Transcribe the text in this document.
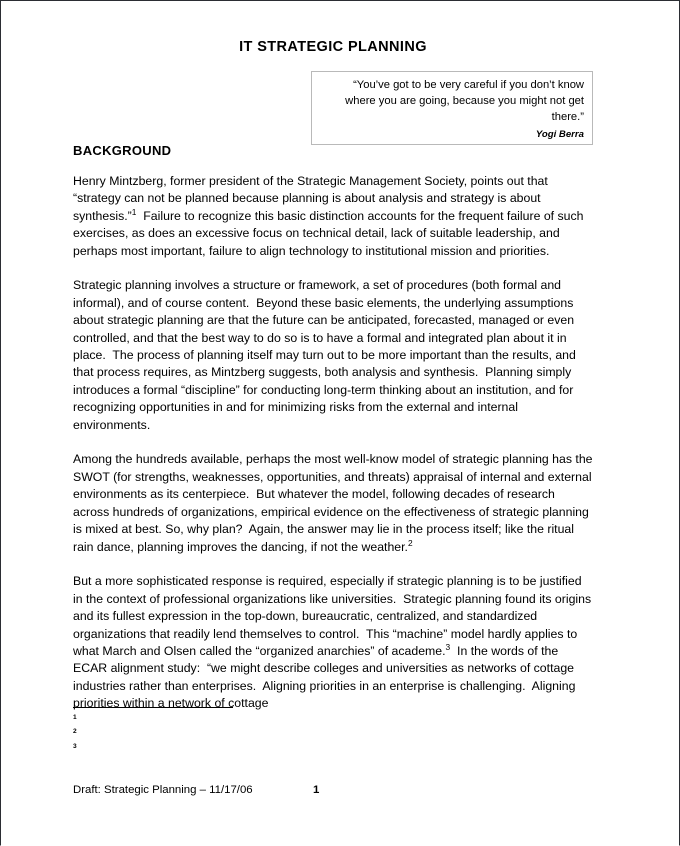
IT STRATEGIC PLANNING

“You’ve got to be very careful if you don’t know where you are going, because you might not get there.”

Yogi Berra

BACKGROUND

Henry Mintzberg, former president of the Strategic Management Society, points out that “strategy can not be planned because planning is about analysis and strategy is about synthesis.”$^1$  Failure to recognize this basic distinction accounts for the frequent failure of such exercises, as does an excessive focus on technical detail, lack of suitable leadership, and perhaps most important, failure to align technology to institutional mission and priorities.

Strategic planning involves a structure or framework, a set of procedures (both formal and informal), and of course content.  Beyond these basic elements, the underlying assumptions about strategic planning are that the future can be anticipated, forecasted, managed or even controlled, and that the best way to do so is to have a formal and integrated plan about it in place.  The process of planning itself may turn out to be more important than the results, and that process requires, as Mintzberg suggests, both analysis and synthesis.  Planning simply introduces a formal “discipline” for conducting long-term thinking about an institution, and for recognizing opportunities in and for minimizing risks from the external and internal environments.

Among the hundreds available, perhaps the most well-know model of strategic planning has the SWOT (for strengths, weaknesses, opportunities, and threats) appraisal of internal and external environments as its centerpiece.  But whatever the model, following decades of research across hundreds of organizations, empirical evidence on the effectiveness of strategic planning is mixed at best. So, why plan?  Again, the answer may lie in the process itself; like the ritual rain dance, planning improves the dancing, if not the weather.$^2$

But a more sophisticated response is required, especially if strategic planning is to be justified in the context of professional organizations like universities.  Strategic planning found its origins and its fullest expression in the top-down, bureaucratic, centralized, and standardized organizations that readily lend themselves to control.  This “machine” model hardly applies to what March and Olsen called the “organized anarchies” of academe.$^3$  In the words of the ECAR alignment study:  “we might describe colleges and universities as networks of cottage industries rather than enterprises.  Aligning priorities in an enterprise is challenging.  Aligning priorities within a network of cottage

1

2

3

Draft: Strategic Planning – 11/17/06	1
